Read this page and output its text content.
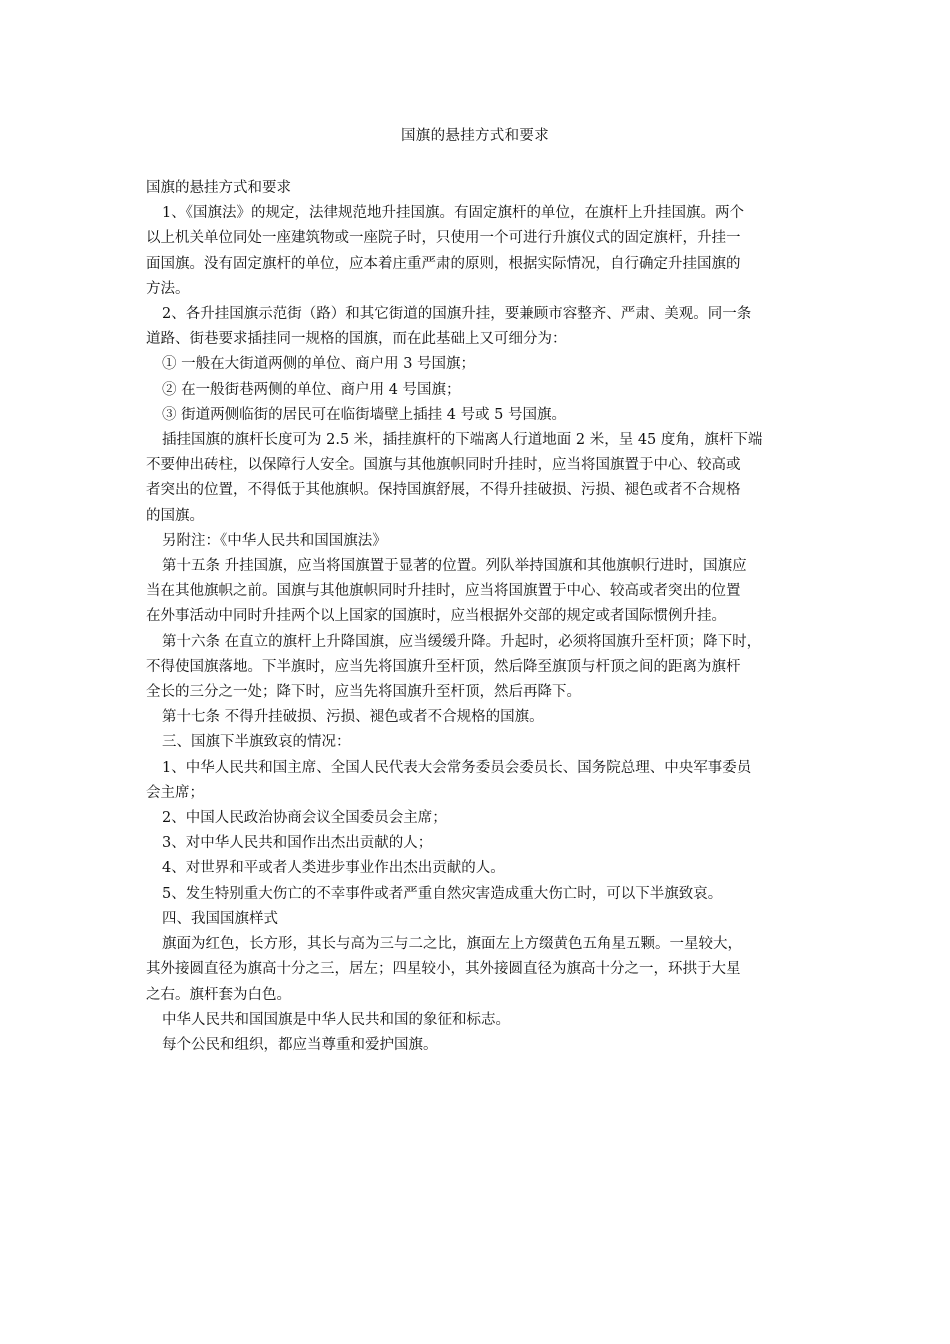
国旗的悬挂方式和要求

国旗的悬挂方式和要求

1、《国旗法》的规定，法律规范地升挂国旗。有固定旗杆的单位，在旗杆上升挂国旗。两个

以上机关单位同处一座建筑物或一座院子时，只使用一个可进行升旗仪式的固定旗杆，升挂一

面国旗。没有固定旗杆的单位，应本着庄重严肃的原则，根据实际情况，自行确定升挂国旗的

方法。

2、各升挂国旗示范街（路）和其它街道的国旗升挂，要兼顾市容整齐、严肃、美观。同一条

道路、街巷要求插挂同一规格的国旗，而在此基础上又可细分为：

① 一般在大街道两侧的单位、商户用 3 号国旗；

② 在一般街巷两侧的单位、商户用 4 号国旗；

③ 街道两侧临街的居民可在临街墙壁上插挂 4 号或 5 号国旗。

插挂国旗的旗杆长度可为 2.5 米，插挂旗杆的下端离人行道地面 2 米，呈 45 度角，旗杆下端

不要伸出砖柱，以保障行人安全。国旗与其他旗帜同时升挂时，应当将国旗置于中心、较高或

者突出的位置，不得低于其他旗帜。保持国旗舒展，不得升挂破损、污损、褪色或者不合规格

的国旗。

另附注：《中华人民共和国国旗法》

第十五条 升挂国旗，应当将国旗置于显著的位置。列队举持国旗和其他旗帜行进时，国旗应

当在其他旗帜之前。国旗与其他旗帜同时升挂时，应当将国旗置于中心、较高或者突出的位置

在外事活动中同时升挂两个以上国家的国旗时，应当根据外交部的规定或者国际惯例升挂。

第十六条 在直立的旗杆上升降国旗，应当缓缓升降。升起时，必须将国旗升至杆顶；降下时，

不得使国旗落地。下半旗时，应当先将国旗升至杆顶，然后降至旗顶与杆顶之间的距离为旗杆

全长的三分之一处；降下时，应当先将国旗升至杆顶，然后再降下。

第十七条 不得升挂破损、污损、褪色或者不合规格的国旗。

三、国旗下半旗致哀的情况：

1、中华人民共和国主席、全国人民代表大会常务委员会委员长、国务院总理、中央军事委员

会主席；

2、中国人民政治协商会议全国委员会主席；

3、对中华人民共和国作出杰出贡献的人；

4、对世界和平或者人类进步事业作出杰出贡献的人。

5、发生特别重大伤亡的不幸事件或者严重自然灾害造成重大伤亡时，可以下半旗致哀。

四、我国国旗样式

旗面为红色，长方形，其长与高为三与二之比，旗面左上方缀黄色五角星五颗。一星较大，

其外接圆直径为旗高十分之三，居左；四星较小，其外接圆直径为旗高十分之一，环拱于大星

之右。旗杆套为白色。

中华人民共和国国旗是中华人民共和国的象征和标志。

每个公民和组织，都应当尊重和爱护国旗。
